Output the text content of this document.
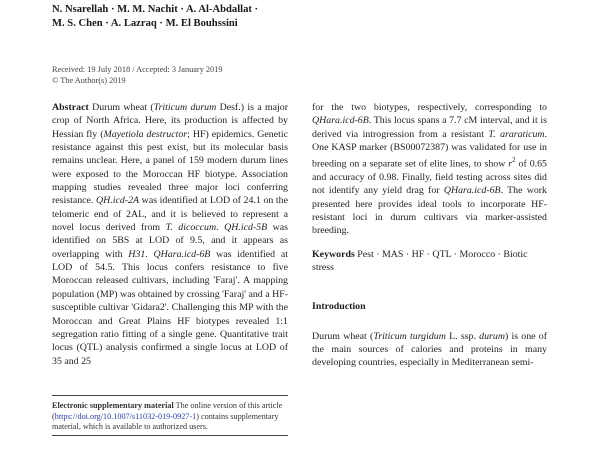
N. Nsarellah · M. M. Nachit · A. Al-Abdallat ·
M. S. Chen · A. Lazraq · M. El Bouhssini
Received: 19 July 2018 / Accepted: 3 January 2019
© The Author(s) 2019

Abstract Durum wheat (Triticum durum Desf.) is a major crop of North Africa. Here, its production is affected by Hessian fly (Mayetiola destructor; HF) epidemics. Genetic resistance against this pest exist, but its molecular basis remains unclear. Here, a panel of 159 modern durum lines were exposed to the Moroccan HF biotype. Association mapping studies revealed three major loci conferring resistance. QH.icd-2A was identified at LOD of 24.1 on the telomeric end of 2AL, and it is believed to represent a novel locus derived from T. dicoccum. QH.icd-5B was identified on 5BS at LOD of 9.5, and it appears as overlapping with H31. QHara.icd-6B was identified at LOD of 54.5. This locus confers resistance to five Moroccan released cultivars, including 'Faraj'. A mapping population (MP) was obtained by crossing 'Faraj' and a HF-susceptible cultivar 'Gidara2'. Challenging this MP with the Moroccan and Great Plains HF biotypes revealed 1:1 segregation ratio fitting of a single gene. Quantitative trait locus (QTL) analysis confirmed a single locus at LOD of 35 and 25

for the two biotypes, respectively, corresponding to QHara.icd-6B. This locus spans a 7.7 cM interval, and it is derived via introgression from a resistant T. araraticum. One KASP marker (BS00072387) was validated for use in breeding on a separate set of elite lines, to show $r^2$ of 0.65 and accuracy of 0.98. Finally, field testing across sites did not identify any yield drag for QHara.icd-6B. The work presented here provides ideal tools to incorporate HF-resistant loci in durum cultivars via marker-assisted breeding.

Keywords Pest · MAS · HF · QTL · Morocco · Biotic stress

Introduction

Durum wheat (Triticum turgidum L. ssp. durum) is one of the main sources of calories and proteins in many developing countries, especially in Mediterranean semi-

Electronic supplementary material The online version of this article (https://doi.org/10.1007/s11032-019-0927-1) contains supplementary material, which is available to authorized users.
